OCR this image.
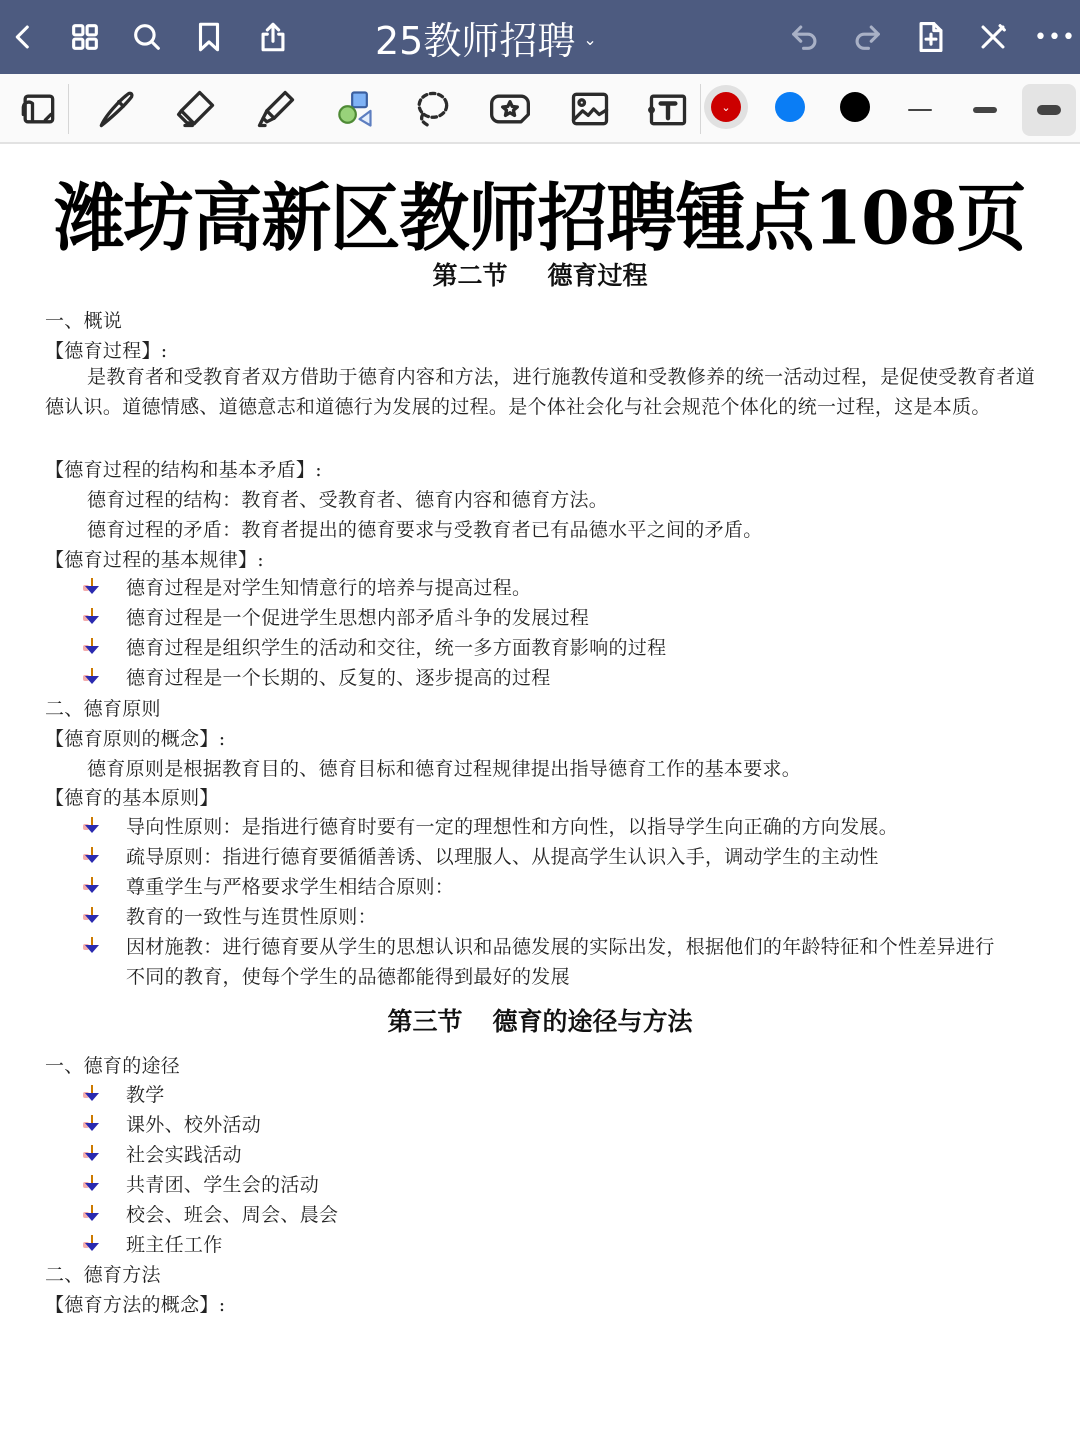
25教师招聘 ⌄	•••
⌄
潍坊高新区教师招聘锺点108页
第二节 德育过程
一、概说
【德育过程】:
是教育者和受教育者双方借助于德育内容和方法，进行施教传道和受教修养的统一活动过程，是促使受教育者道德认识。道德情感、道德意志和道德行为发展的过程。是个体社会化与社会规范个体化的统一过程，这是本质。
【德育过程的结构和基本矛盾】:
德育过程的结构：教育者、受教育者、德育内容和德育方法。
德育过程的矛盾：教育者提出的德育要求与受教育者已有品德水平之间的矛盾。
【德育过程的基本规律】:
德育过程是对学生知情意行的培养与提高过程。
德育过程是一个促进学生思想内部矛盾斗争的发展过程
德育过程是组织学生的活动和交往，统一多方面教育影响的过程
德育过程是一个长期的、反复的、逐步提高的过程
二、德育原则
【德育原则的概念】:
德育原则是根据教育目的、德育目标和德育过程规律提出指导德育工作的基本要求。
【德育的基本原则】
导向性原则：是指进行德育时要有一定的理想性和方向性，以指导学生向正确的方向发展。
疏导原则：指进行德育要循循善诱、以理服人、从提高学生认识入手，调动学生的主动性
尊重学生与严格要求学生相结合原则：
教育的一致性与连贯性原则：
因材施教：进行德育要从学生的思想认识和品德发展的实际出发，根据他们的年龄特征和个性差异进行
不同的教育，使每个学生的品德都能得到最好的发展
第三节 德育的途径与方法
一、德育的途径
教学
课外、校外活动
社会实践活动
共青团、学生会的活动
校会、班会、周会、晨会
班主任工作
二、德育方法
【德育方法的概念】:
